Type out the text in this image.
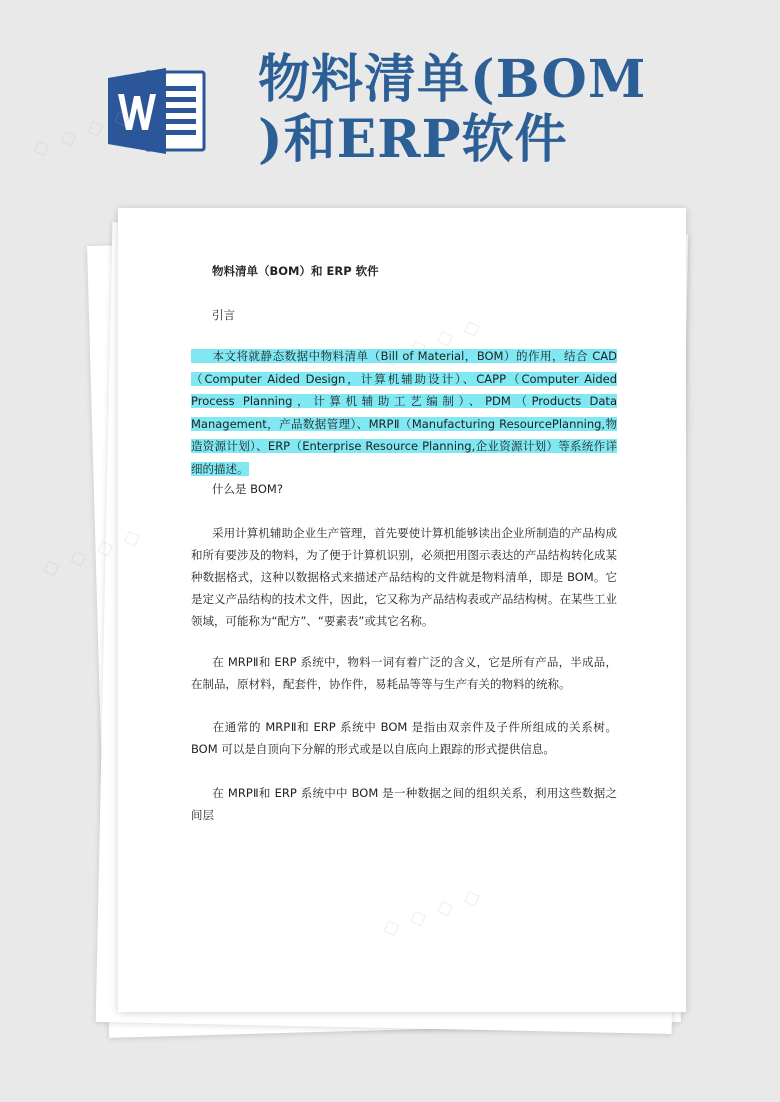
物料清单(BOM
)和ERP软件
物料清单（BOM）和 ERP 软件
引言
本文将就静态数据中物料清单（Bill of Material，BOM）的作用，结合 CAD（Computer Aided Design，计算机辅助设计）、CAPP（Computer Aided Process Planning，计算机辅助工艺编制）、PDM（Products Data Management，产品数据管理）、MRPⅡ（Manufacturing ResourcePlanning,物造资源计划）、ERP（Enterprise Resource Planning,企业资源计划）等系统作详细的描述。
什么是 BOM?
采用计算机辅助企业生产管理，首先要使计算机能够读出企业所制造的产品构成和所有要涉及的物料，为了便于计算机识别，必须把用图示表达的产品结构转化成某种数据格式，这种以数据格式来描述产品结构的文件就是物料清单，即是 BOM。它是定义产品结构的技术文件，因此，它又称为产品结构表或产品结构树。在某些工业领域，可能称为“配方”、“要素表”或其它名称。
在 MRPⅡ和 ERP 系统中，物料一词有着广泛的含义，它是所有产品，半成品，在制品，原材料，配套件，协作件，易耗品等等与生产有关的物料的统称。
在通常的 MRPⅡ和 ERP 系统中 BOM 是指由双亲件及子件所组成的关系树。BOM 可以是自顶向下分解的形式或是以自底向上跟踪的形式提供信息。
在 MRPⅡ和 ERP 系统中中 BOM 是一种数据之间的组织关系，利用这些数据之间层
◇ ◇ ◇ ◇
◇ ◇ ◇ ◇
